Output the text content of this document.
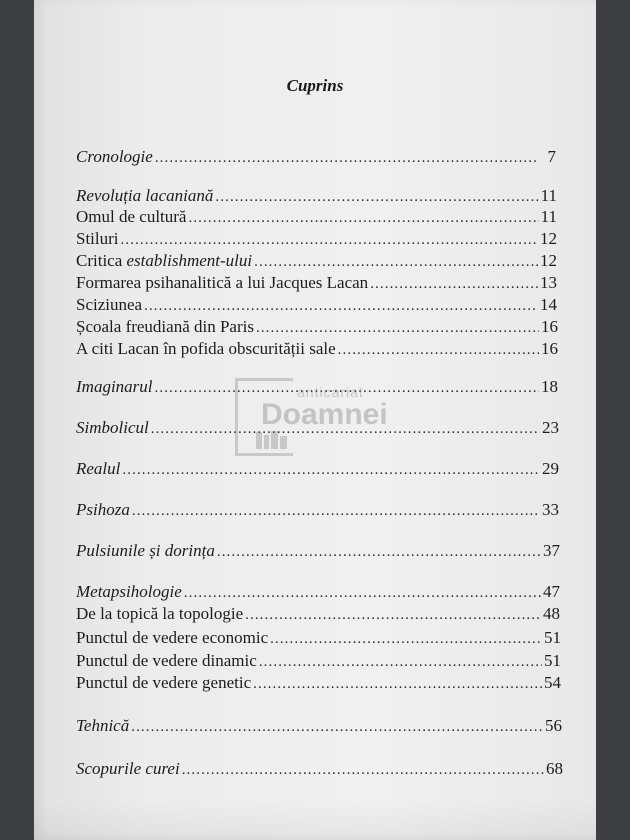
Cuprins
Cronologie .....	7
Revoluția lacaniană .....	11
Omul de cultură .....	11
Stiluri .....	12
Critica establishment-ului .....	12
Formarea psihanalitică a lui Jacques Lacan .....	13
Sciziunea .....	14
Școala freudiană din Paris .....	16
A citi Lacan în pofida obscurității sale .....	16
Imaginarul .....	18
Simbolicul .....	23
Realul .....	29
Psihoza .....	33
Pulsiunile și dorința .....	37
Metapsihologie .....	47
De la topică la topologie .....	48
Punctul de vedere economic .....	51
Punctul de vedere dinamic .....	51
Punctul de vedere genetic .....	54
Tehnică .....	56
Scopurile curei .....	68
anticariat
Doamnei
